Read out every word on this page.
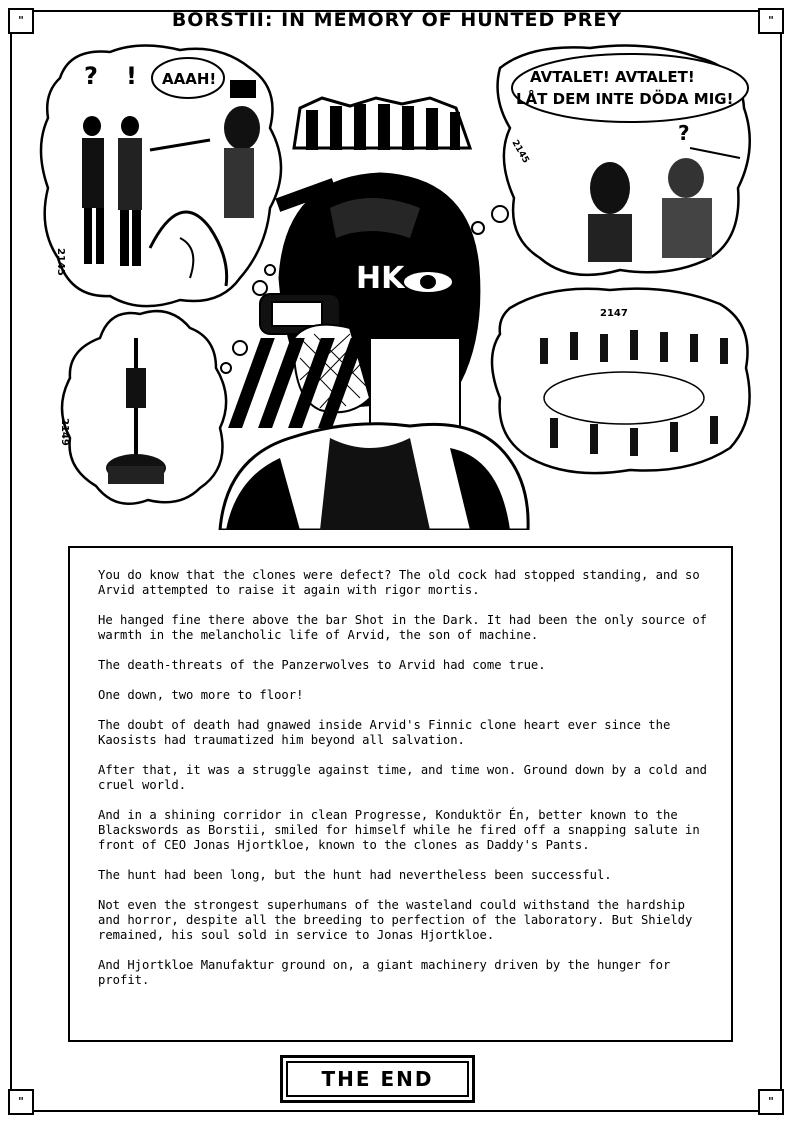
"	"
"	"
BORSTII: IN MEMORY OF HUNTED PREY
? ! AAAH!
2145
AVTALET! AVTALET!
LÅT DEM INTE DÖDA MIG!
?
2145
2149
2147
HK

You do know that the clones were defect? The old cock had stopped standing, and so Arvid attempted to raise it again with rigor mortis.

He hanged fine there above the bar Shot in the Dark. It had been the only source of warmth in the melancholic life of Arvid, the son of machine.

The death-threats of the Panzerwolves to Arvid had come true.

One down, two more to floor!

The doubt of death had gnawed inside Arvid's Finnic clone heart ever since the Kaosists had traumatized him beyond all salvation.

After that, it was a struggle against time, and time won. Ground down by a cold and cruel world.

And in a shining corridor in clean Progresse, Konduktör Én, better known to the Blackswords as Borstii, smiled for himself while he fired off a snapping salute in front of CEO Jonas Hjortkloe, known to the clones as Daddy's Pants.

The hunt had been long, but the hunt had nevertheless been successful.

Not even the strongest superhumans of the wasteland could withstand the hardship and horror, despite all the breeding to perfection of the laboratory. But Shieldy remained, his soul sold in service to Jonas Hjortkloe.

And Hjortkloe Manufaktur ground on, a giant machinery driven by the hunger for profit.

THE END
